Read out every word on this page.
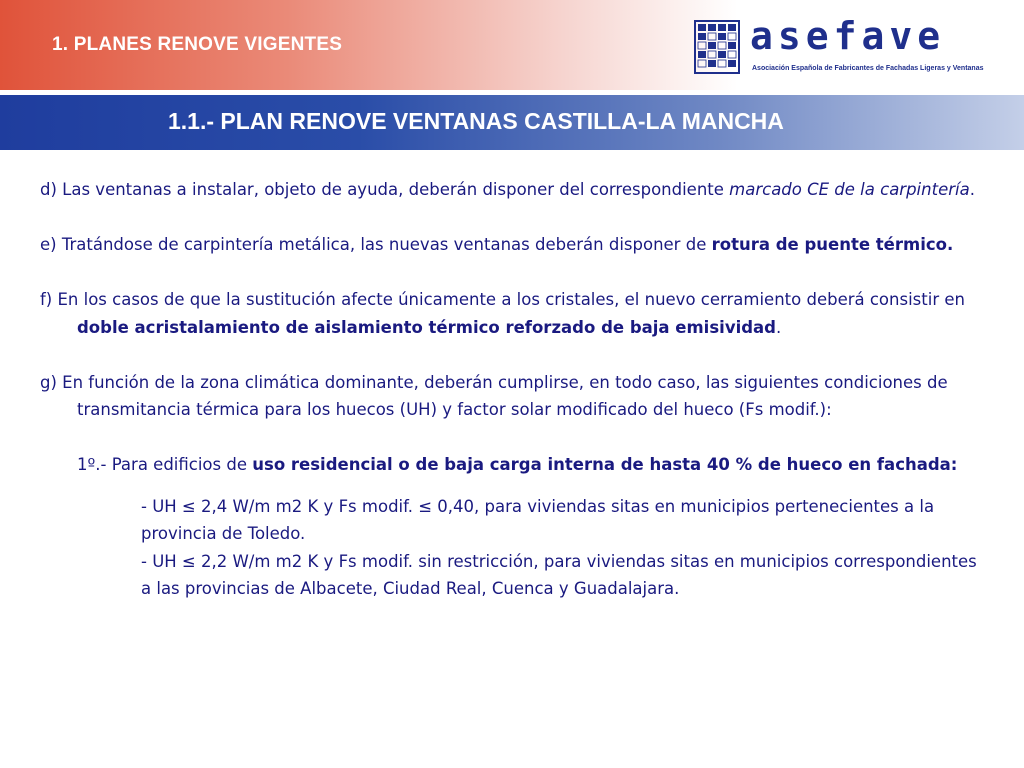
1. PLANES RENOVE VIGENTES	asefave
Asociación Española de Fabricantes de Fachadas Ligeras y Ventanas
1.1.- PLAN RENOVE VENTANAS CASTILLA-LA MANCHA

d) Las ventanas a instalar, objeto de ayuda, deberán disponer del correspondiente marcado CE de la carpintería.

e) Tratándose de carpintería metálica, las nuevas ventanas deberán disponer de rotura de puente térmico.

f) En los casos de que la sustitución afecte únicamente a los cristales, el nuevo cerramiento deberá consistir en doble acristalamiento de aislamiento térmico reforzado de baja emisividad.

g) En función de la zona climática dominante, deberán cumplirse, en todo caso, las siguientes condiciones de transmitancia térmica para los huecos (UH) y factor solar modificado del hueco (Fs modif.):

1º.- Para edificios de uso residencial o de baja carga interna de hasta 40 % de hueco en fachada:

- UH ≤ 2,4 W/m m2 K y Fs modif. ≤ 0,40, para viviendas sitas en municipios pertenecientes a la provincia de Toledo.

- UH ≤ 2,2 W/m m2 K y Fs modif. sin restricción, para viviendas sitas en municipios correspondientes a las provincias de Albacete, Ciudad Real, Cuenca y Guadalajara.
